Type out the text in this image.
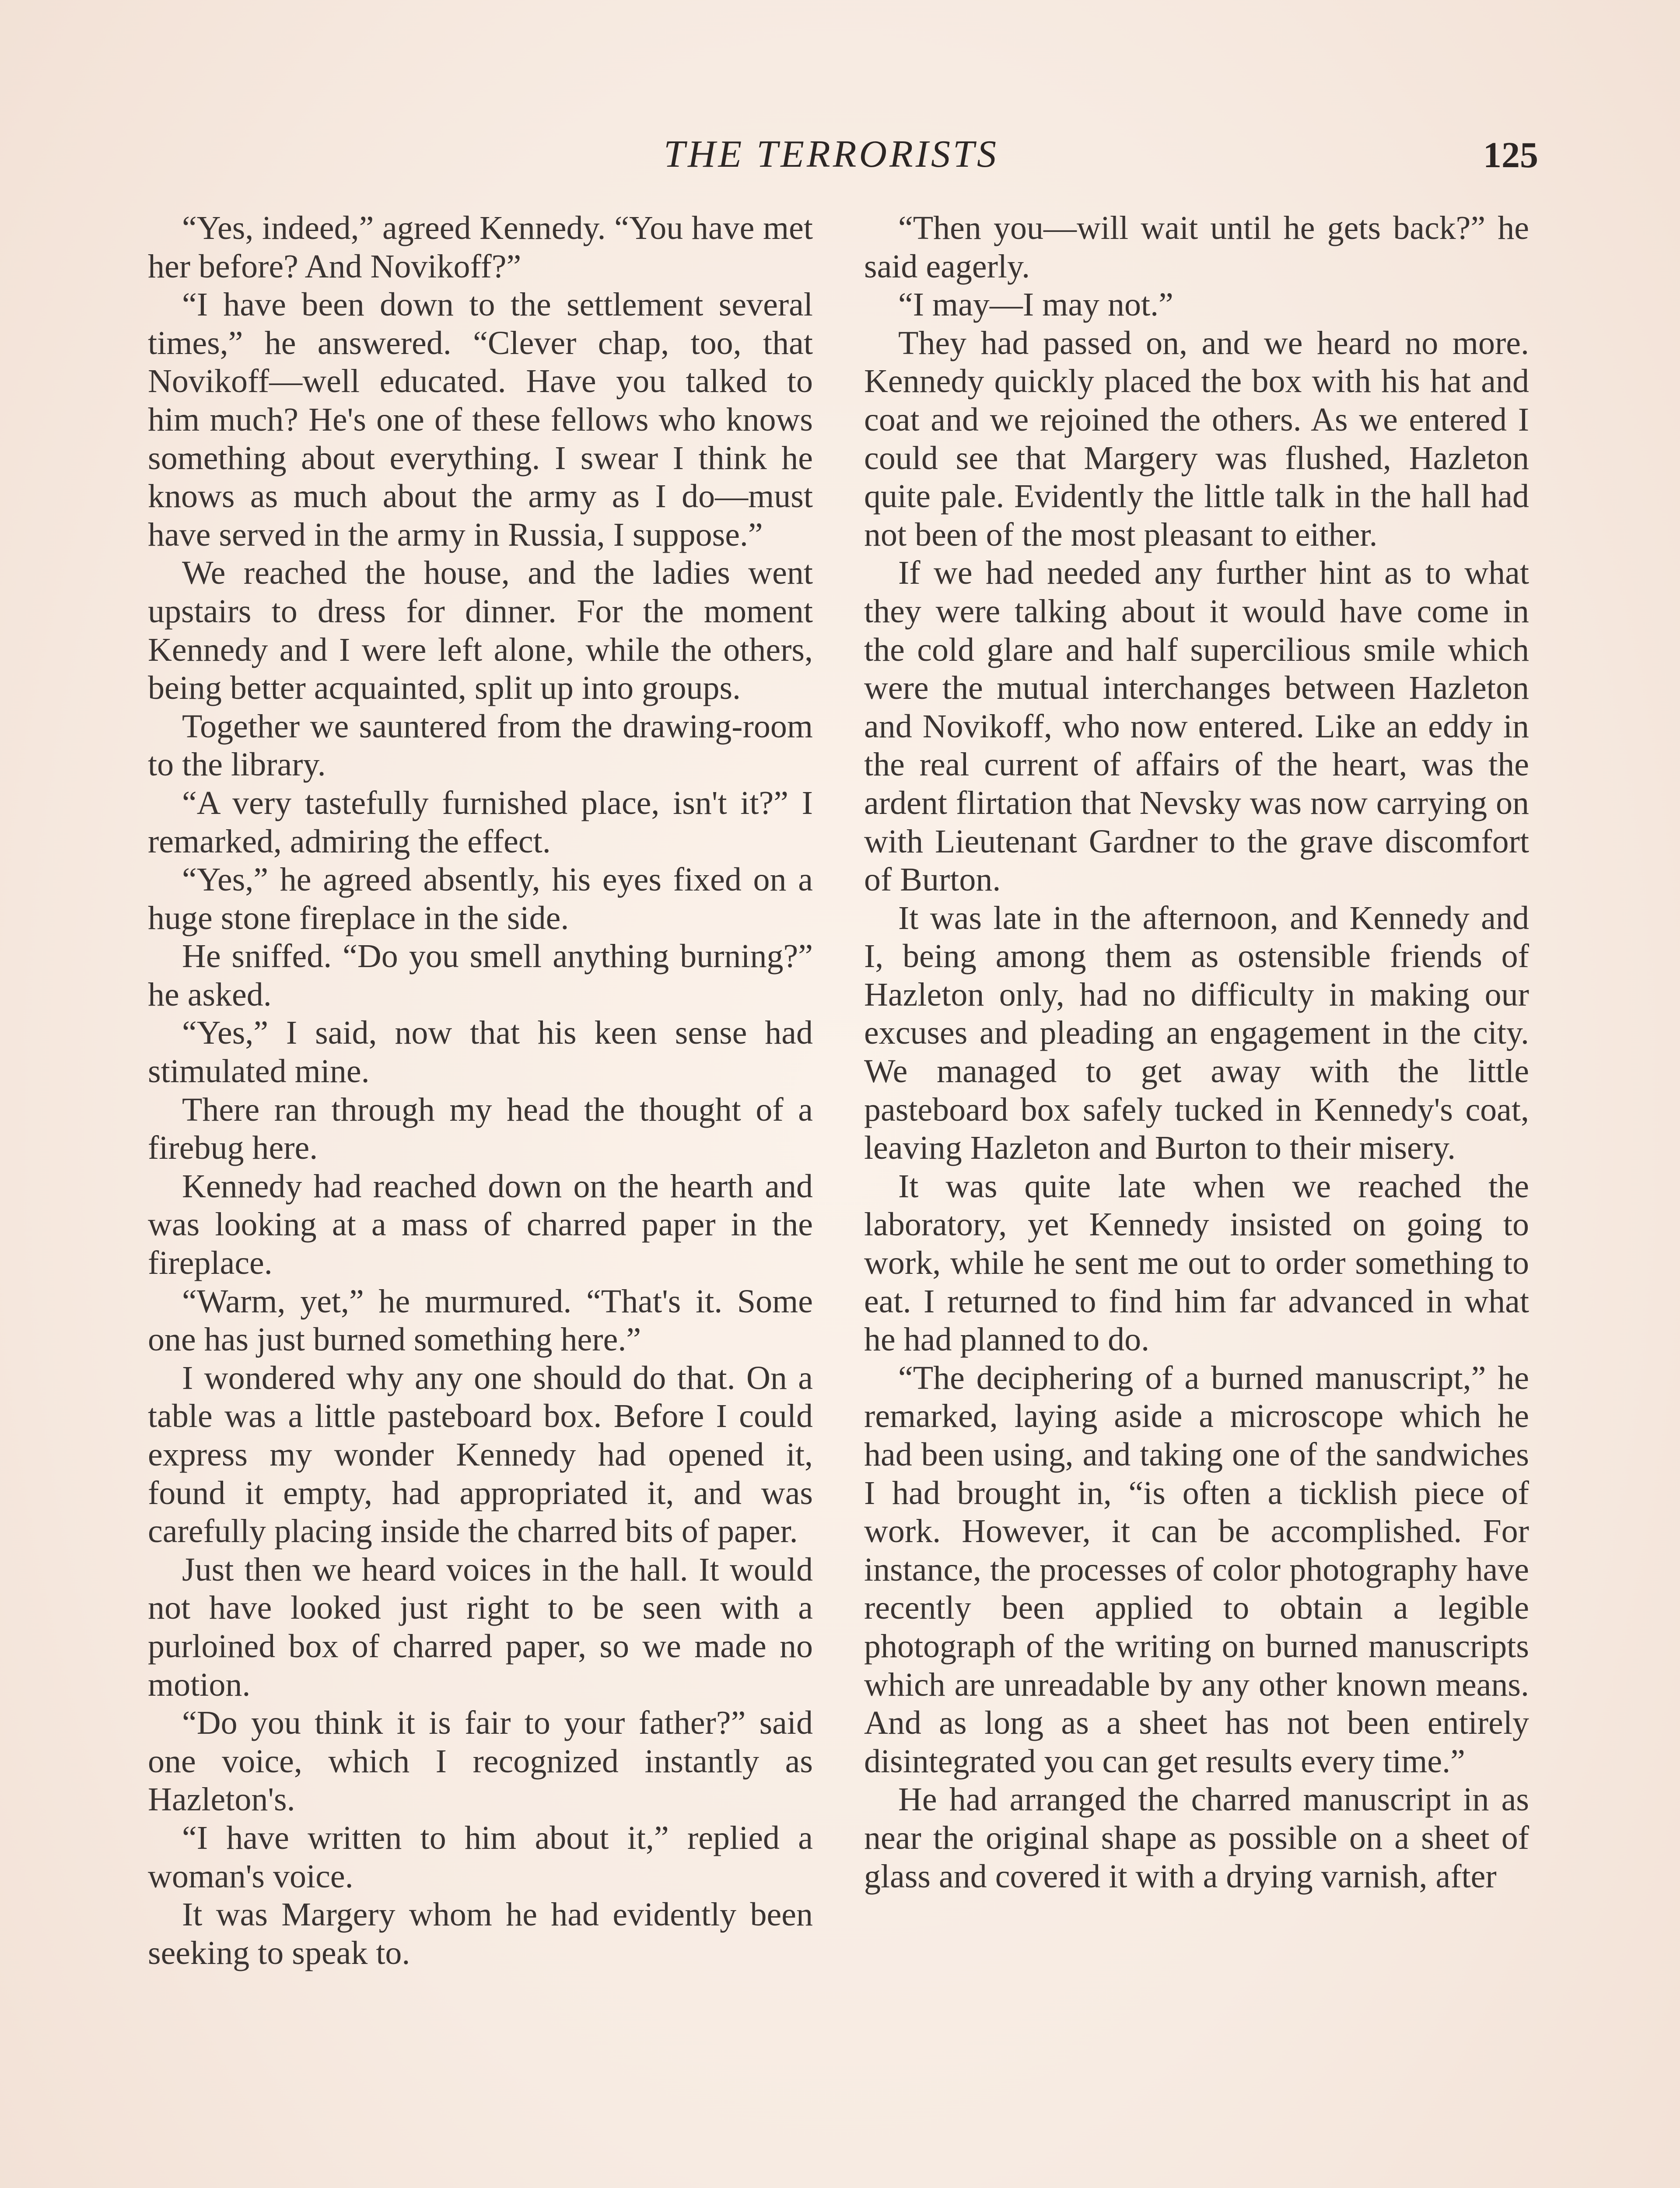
THE TERRORISTS	125

“Yes, indeed,” agreed Kennedy. “You have met her before? And Novikoff?”

“I have been down to the settlement several times,” he answered. “Clever chap, too, that Novikoff—well educated. Have you talked to him much? He's one of these fellows who knows something about everything. I swear I think he knows as much about the army as I do—must have served in the army in Russia, I suppose.”

We reached the house, and the ladies went upstairs to dress for dinner. For the moment Kennedy and I were left alone, while the others, being better acquainted, split up into groups.

Together we sauntered from the drawing-room to the library.

“A very tastefully furnished place, isn't it?” I remarked, admiring the effect.

“Yes,” he agreed absently, his eyes fixed on a huge stone fireplace in the side.

He sniffed. “Do you smell anything burning?” he asked.

“Yes,” I said, now that his keen sense had stimulated mine.

There ran through my head the thought of a firebug here.

Kennedy had reached down on the hearth and was looking at a mass of charred paper in the fireplace.

“Warm, yet,” he murmured. “That's it. Some one has just burned something here.”

I wondered why any one should do that. On a table was a little pasteboard box. Before I could express my wonder Kennedy had opened it, found it empty, had appropriated it, and was carefully placing inside the charred bits of paper.

Just then we heard voices in the hall. It would not have looked just right to be seen with a purloined box of charred paper, so we made no motion.

“Do you think it is fair to your father?” said one voice, which I recognized instantly as Hazleton's.

“I have written to him about it,” replied a woman's voice.

It was Margery whom he had evidently been seeking to speak to.

“Then you—will wait until he gets back?” he said eagerly.

“I may—I may not.”

They had passed on, and we heard no more. Kennedy quickly placed the box with his hat and coat and we rejoined the others. As we entered I could see that Margery was flushed, Hazleton quite pale. Evidently the little talk in the hall had not been of the most pleasant to either.

If we had needed any further hint as to what they were talking about it would have come in the cold glare and half supercilious smile which were the mutual interchanges between Hazleton and Novikoff, who now entered. Like an eddy in the real current of affairs of the heart, was the ardent flirtation that Nevsky was now carrying on with Lieutenant Gardner to the grave discomfort of Burton.

It was late in the afternoon, and Kennedy and I, being among them as ostensible friends of Hazleton only, had no difficulty in making our excuses and pleading an engagement in the city. We managed to get away with the little pasteboard box safely tucked in Kennedy's coat, leaving Hazleton and Burton to their misery.

It was quite late when we reached the laboratory, yet Kennedy insisted on going to work, while he sent me out to order something to eat. I returned to find him far advanced in what he had planned to do.

“The deciphering of a burned manuscript,” he remarked, laying aside a microscope which he had been using, and taking one of the sandwiches I had brought in, “is often a ticklish piece of work. However, it can be accomplished. For instance, the processes of color photography have recently been applied to obtain a legible photograph of the writing on burned manuscripts which are unreadable by any other known means. And as long as a sheet has not been entirely disintegrated you can get results every time.”

He had arranged the charred manuscript in as near the original shape as possible on a sheet of glass and covered it with a drying varnish, after
